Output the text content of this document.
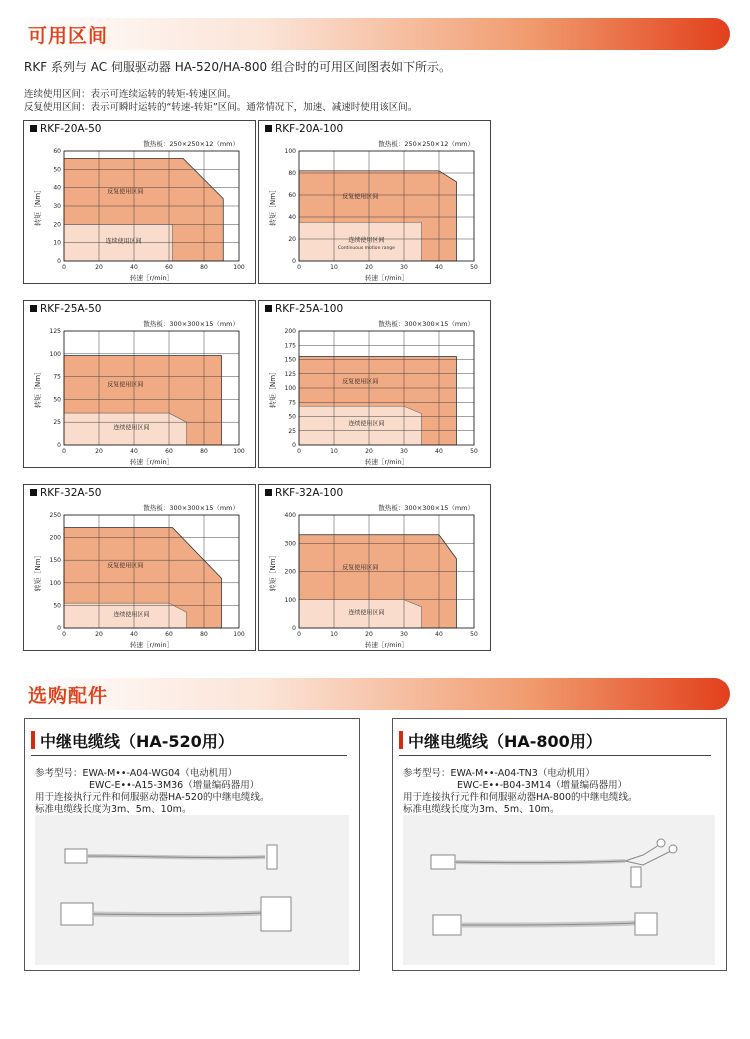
可用区间
RKF 系列与 AC 伺服驱动器 HA-520/HA-800 组合时的可用区间图表如下所示。
连续使用区间：表示可连续运转的转矩-转速区间。
反复使用区间：表示可瞬时运转的“转速-转矩”区间。通常情况下，加速、减速时使用该区间。
RKF-20A-50
散热板：250×250×12（mm）
0	20	40	60	80	100
0
10
20
30
40
50
60
反复使用区间
连续使用区间
转速［r/min］
转矩［Nm］
RKF-20A-100
散热板：250×250×12（mm）
0	10	20	30	40	50
0
20
40
60
80
100
反复使用区间
连续使用区间
Continuous motion range
转速［r/min］
转矩［Nm］
RKF-25A-50
散热板：300×300×15（mm）
0	20	40	60	80	100
0
25
50
75
100
125
反复使用区间
连续使用区间
转速［r/min］
转矩［Nm］
RKF-25A-100
散热板：300×300×15（mm）
0	10	20	30	40	50
0
25
50
75
100
125
150
175
200
反复使用区间
连续使用区间
转速［r/min］
转矩［Nm］
RKF-32A-50
散热板：300×300×15（mm）
0	20	40	60	80	100
0
50
100
150
200
250
反复使用区间
连续使用区间
转速［r/min］
转矩［Nm］
RKF-32A-100
散热板：300×300×15（mm）
0	10	20	30	40	50
0
100
200
300
400
反复使用区间
连续使用区间
转速［r/min］
转矩［Nm］
选购配件
中继电缆线（HA-520用）
参考型号：EWA-M••-A04-WG04（电动机用）
EWC-E••-A15-3M36（增量编码器用）
用于连接执行元件和伺服驱动器HA-520的中继电缆线。
标准电缆线长度为3m、5m、10m。
中继电缆线（HA-800用）
参考型号：EWA-M••-A04-TN3（电动机用）
EWC-E••-B04-3M14（增量编码器用）
用于连接执行元件和伺服驱动器HA-800的中继电缆线。
标准电缆线长度为3m、5m、10m。
